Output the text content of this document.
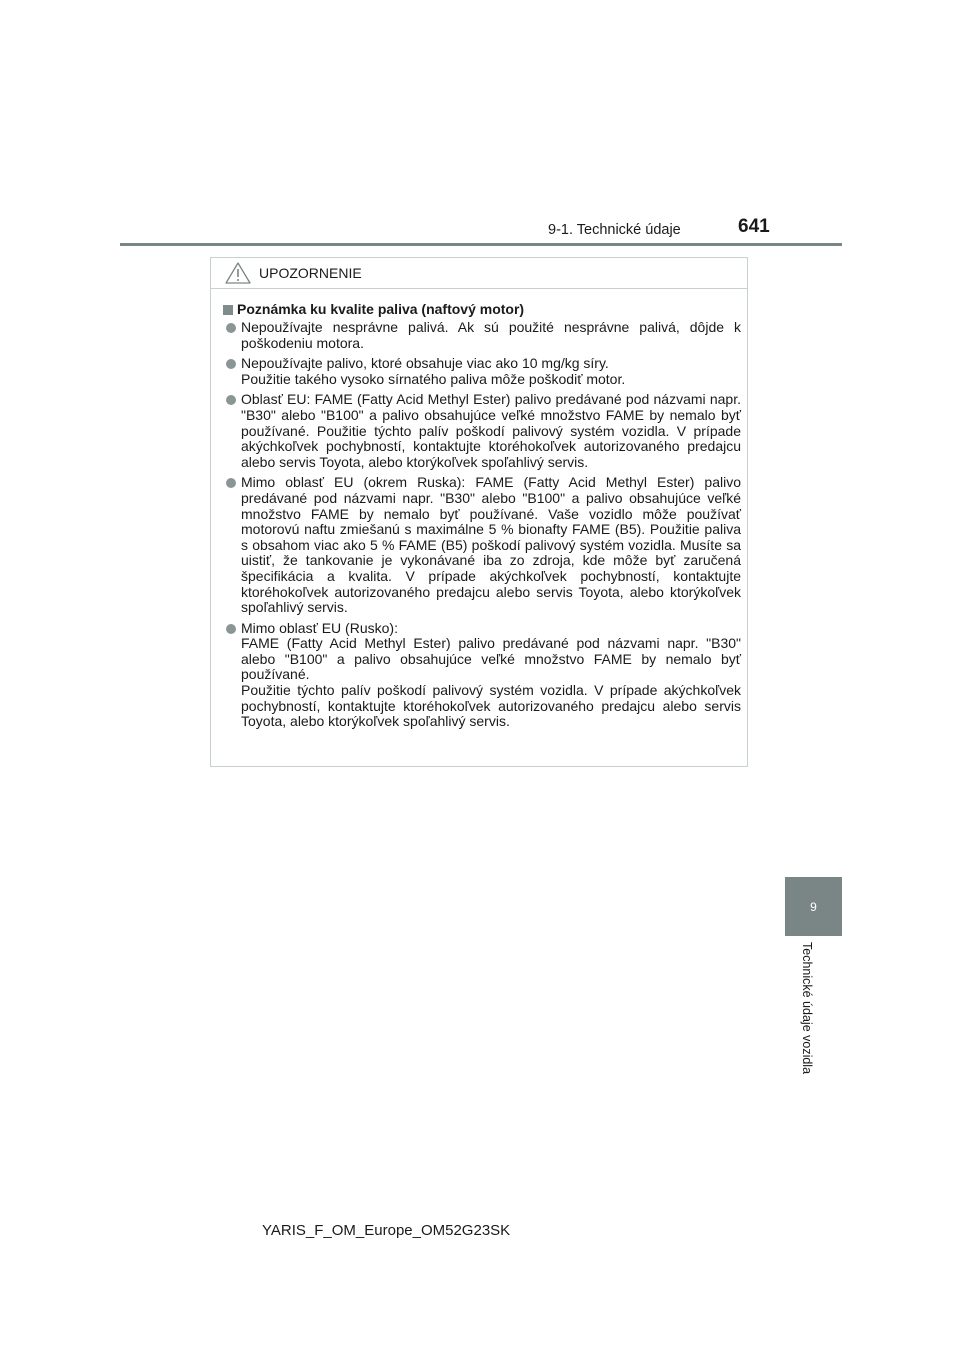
9-1. Technické údaje	641
9
Technické údaje vozidla
UPOZORNENIE
Poznámka ku kvalite paliva (naftový motor)

Nepoužívajte nesprávne palivá. Ak sú použité nesprávne palivá, dôjde k poškodeniu motora.

Nepoužívajte palivo, ktoré obsahuje viac ako 10 mg/kg síry.

Použitie takého vysoko sírnatého paliva môže poškodiť motor.

Oblasť EU: FAME (Fatty Acid Methyl Ester) palivo predávané pod názvami napr. "B30" alebo "B100" a palivo obsahujúce veľké množstvo FAME by nemalo byť používané. Použitie týchto palív poškodí palivový systém vozidla. V prípade akýchkoľvek pochybností, kontaktujte ktoréhokoľvek autorizovaného predajcu alebo servis Toyota, alebo ktorýkoľvek spoľahlivý servis.

Mimo oblasť EU (okrem Ruska): FAME (Fatty Acid Methyl Ester) palivo predávané pod názvami napr. "B30" alebo "B100" a palivo obsahujúce veľké množstvo FAME by nemalo byť používané. Vaše vozidlo môže používať motorovú naftu zmiešanú s maximálne 5 % bionafty FAME (B5). Použitie paliva s obsahom viac ako 5 % FAME (B5) poškodí palivový systém vozidla. Musíte sa uistiť, že tankovanie je vykonávané iba zo zdroja, kde môže byť zaručená špecifikácia a kvalita. V prípade akýchkoľvek pochybností, kontaktujte ktoréhokoľvek autorizovaného predajcu alebo servis Toyota, alebo ktorýkoľvek spoľahlivý servis.

Mimo oblasť EU (Rusko):

FAME (Fatty Acid Methyl Ester) palivo predávané pod názvami napr. "B30" alebo "B100" a palivo obsahujúce veľké množstvo FAME by nemalo byť používané.

Použitie týchto palív poškodí palivový systém vozidla. V prípade akýchkoľvek pochybností, kontaktujte ktoréhokoľvek autorizovaného predajcu alebo servis Toyota, alebo ktorýkoľvek spoľahlivý servis.

YARIS_F_OM_Europe_OM52G23SK
